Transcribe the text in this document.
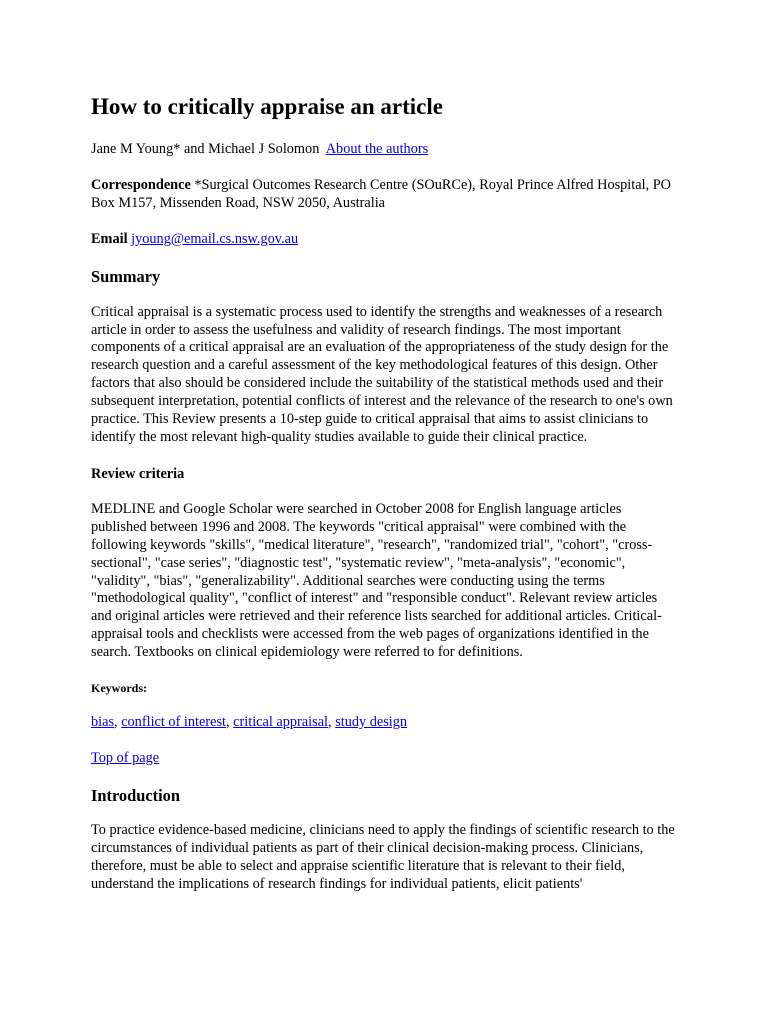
How to critically appraise an article

Jane M Young* and Michael J Solomon About the authors

Correspondence *Surgical Outcomes Research Centre (SOuRCe), Royal Prince Alfred Hospital, PO Box M157, Missenden Road, NSW 2050, Australia

Email jyoung@email.cs.nsw.gov.au

Summary

Critical appraisal is a systematic process used to identify the strengths and weaknesses of a research article in order to assess the usefulness and validity of research findings. The most important components of a critical appraisal are an evaluation of the appropriateness of the study design for the research question and a careful assessment of the key methodological features of this design. Other factors that also should be considered include the suitability of the statistical methods used and their subsequent interpretation, potential conflicts of interest and the relevance of the research to one's own practice. This Review presents a 10-step guide to critical appraisal that aims to assist clinicians to identify the most relevant high-quality studies available to guide their clinical practice.

Review criteria

MEDLINE and Google Scholar were searched in October 2008 for English language articles published between 1996 and 2008. The keywords "critical appraisal" were combined with the following keywords "skills", "medical literature", "research", "randomized trial", "cohort", "cross-sectional", "case series", "diagnostic test", "systematic review", "meta-analysis", "economic", "validity", "bias", "generalizability". Additional searches were conducting using the terms "methodological quality", "conflict of interest" and "responsible conduct". Relevant review articles and original articles were retrieved and their reference lists searched for additional articles. Critical-appraisal tools and checklists were accessed from the web pages of organizations identified in the search. Textbooks on clinical epidemiology were referred to for definitions.

Keywords:

bias, conflict of interest, critical appraisal, study design

Top of page

Introduction

To practice evidence-based medicine, clinicians need to apply the findings of scientific research to the circumstances of individual patients as part of their clinical decision-making process. Clinicians, therefore, must be able to select and appraise scientific literature that is relevant to their field, understand the implications of research findings for individual patients, elicit patients'
